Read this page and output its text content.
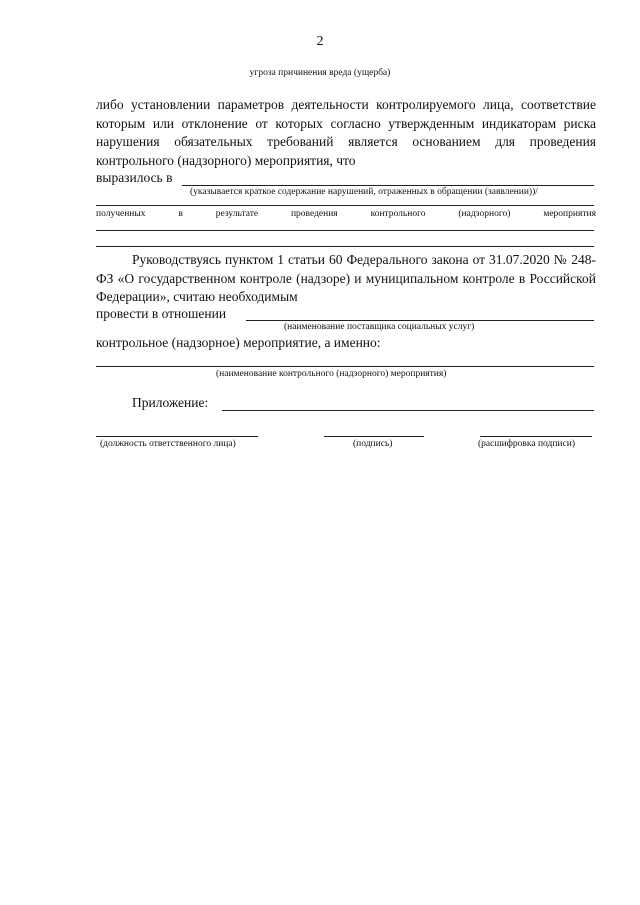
2
угроза причинения вреда (ущерба)
либо установлении параметров деятельности контролируемого лица, соответствие которым или отклонение от которых согласно утвержденным индикаторам риска нарушения обязательных требований является основанием для проведения контрольного (надзорного) мероприятия, что
выразилось в
(указывается краткое содержание нарушений, отраженных в обращении (заявлении))/
полученных	в	результате	проведения	контрольного	(надзорного)	мероприятия
Руководствуясь пунктом 1 статьи 60 Федерального закона от 31.07.2020 № 248-ФЗ «О государственном контроле (надзоре) и муниципальном контроле в Российской Федерации», считаю необходимым
провести в отношении
(наименование поставщика социальных услуг)
контрольное (надзорное) мероприятие, а именно:
(наименование контрольного (надзорного) мероприятия)
Приложение:
(должность ответственного лица)	(подпись)	(расшифровка подписи)
